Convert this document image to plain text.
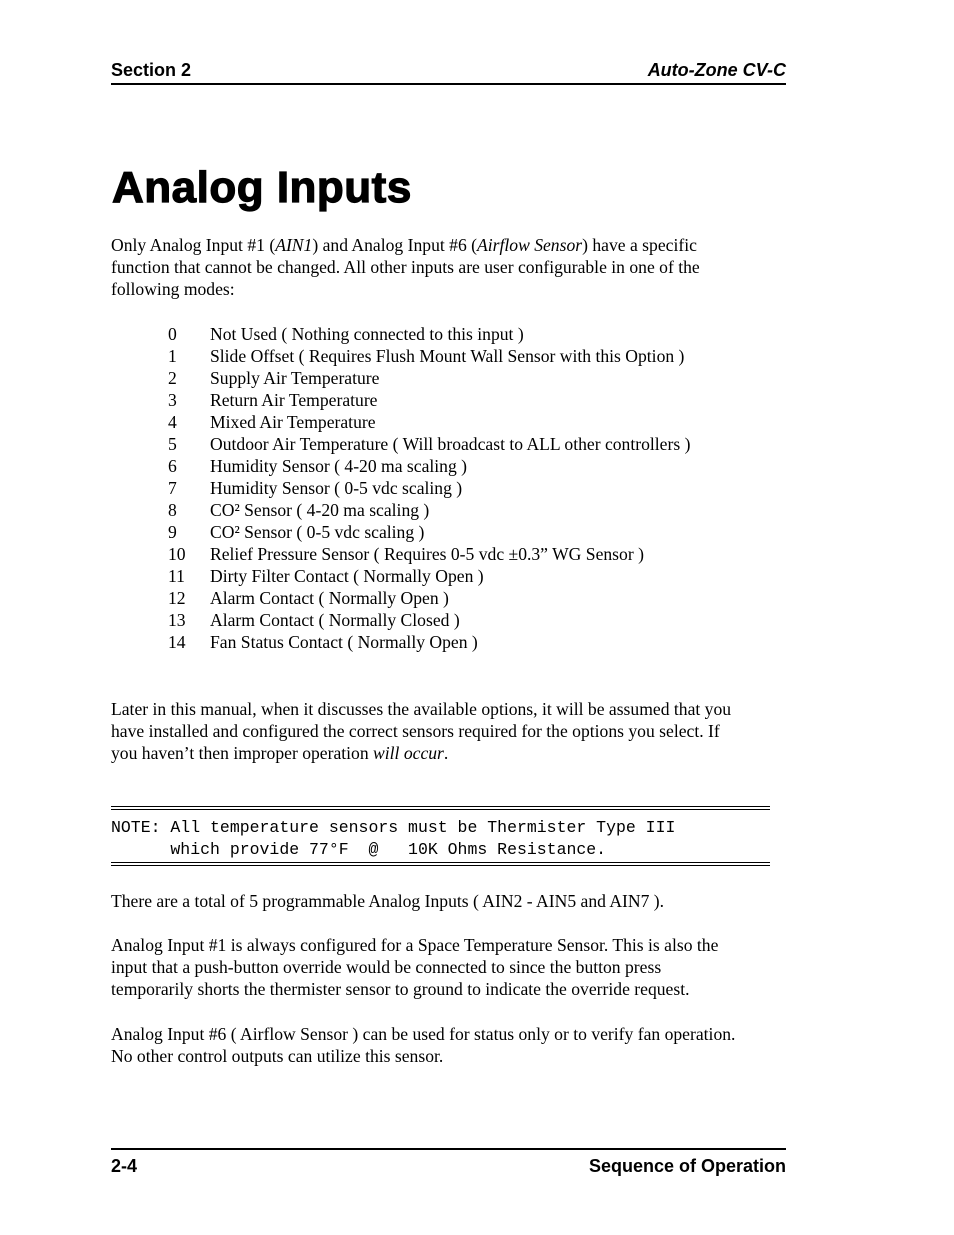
Section 2	Auto-Zone CV-C
Analog Inputs
Only Analog Input #1 (AIN1) and Analog Input #6 (Airflow Sensor) have a specific
function that cannot be changed. All other inputs are user configurable in one of the
following modes:
0 Not Used ( Nothing connected to this input )
1 Slide Offset ( Requires Flush Mount Wall Sensor with this Option )
2 Supply Air Temperature
3 Return Air Temperature
4 Mixed Air Temperature
5 Outdoor Air Temperature ( Will broadcast to ALL other controllers )
6 Humidity Sensor ( 4-20 ma scaling )
7 Humidity Sensor ( 0-5 vdc scaling )
8 CO² Sensor ( 4-20 ma scaling )
9 CO² Sensor ( 0-5 vdc scaling )
10 Relief Pressure Sensor ( Requires 0-5 vdc ±0.3” WG Sensor )
11 Dirty Filter Contact ( Normally Open )
12 Alarm Contact ( Normally Open )
13 Alarm Contact ( Normally Closed )
14 Fan Status Contact ( Normally Open )
Later in this manual, when it discusses the available options, it will be assumed that you
have installed and configured the correct sensors required for the options you select. If
you haven’t then improper operation will occur.
NOTE: All temperature sensors must be Thermister Type III
which provide 77°F  @   10K Ohms Resistance.
There are a total of 5 programmable Analog Inputs ( AIN2 - AIN5 and AIN7 ).
Analog Input #1 is always configured for a Space Temperature Sensor. This is also the
input that a push-button override would be connected to since the button press
temporarily shorts the thermister sensor to ground to indicate the override request.
Analog Input #6 ( Airflow Sensor ) can be used for status only or to verify fan operation.
No other control outputs can utilize this sensor.
2-4	Sequence of Operation
